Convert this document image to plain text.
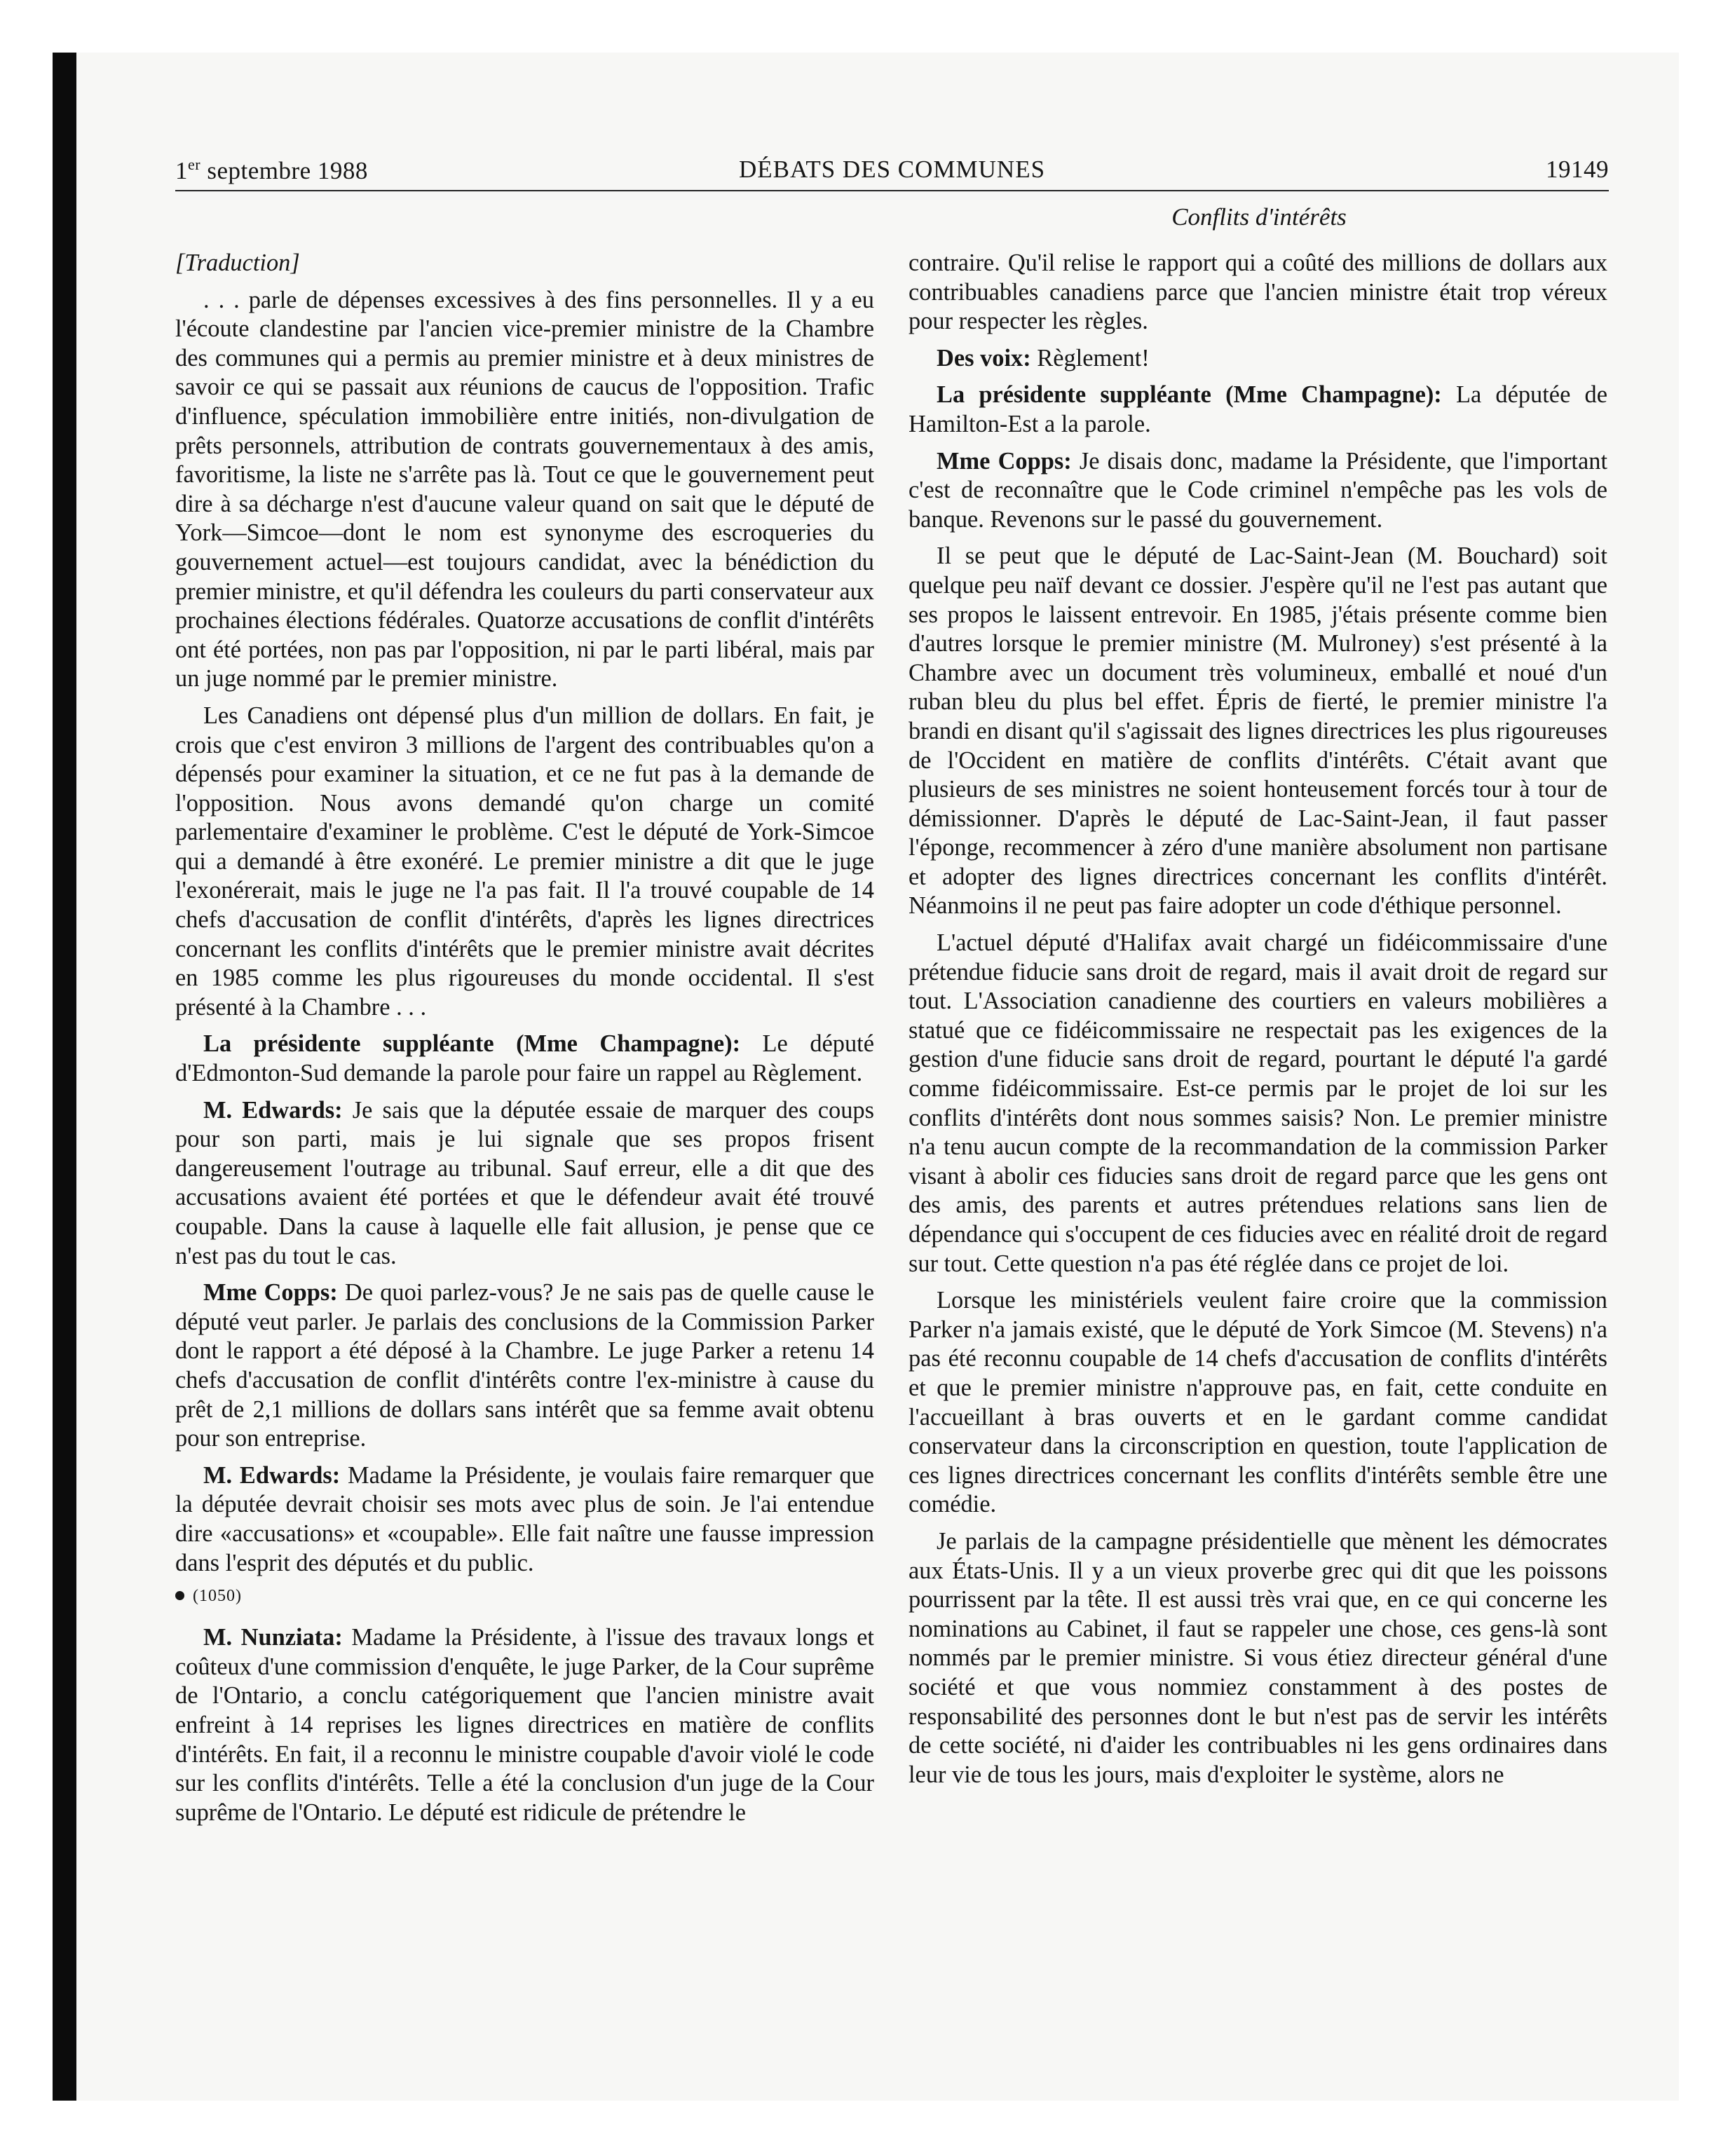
1er septembre 1988	DÉBATS DES COMMUNES	19149
Conflits d'intérêts

[Traduction]

. . . parle de dépenses excessives à des fins personnelles. Il y a eu l'écoute clandestine par l'ancien vice-premier ministre de la Chambre des communes qui a permis au premier ministre et à deux ministres de savoir ce qui se passait aux réunions de caucus de l'opposition. Trafic d'influence, spéculation immobilière entre initiés, non-divulgation de prêts personnels, attribution de contrats gouvernementaux à des amis, favoritisme, la liste ne s'arrête pas là. Tout ce que le gouvernement peut dire à sa décharge n'est d'aucune valeur quand on sait que le député de York—Simcoe—dont le nom est synonyme des escroqueries du gouvernement actuel—est toujours candidat, avec la bénédiction du premier ministre, et qu'il défendra les couleurs du parti conservateur aux prochaines élections fédérales. Quatorze accusations de conflit d'intérêts ont été portées, non pas par l'opposition, ni par le parti libéral, mais par un juge nommé par le premier ministre.

Les Canadiens ont dépensé plus d'un million de dollars. En fait, je crois que c'est environ 3 millions de l'argent des contribuables qu'on a dépensés pour examiner la situation, et ce ne fut pas à la demande de l'opposition. Nous avons demandé qu'on charge un comité parlementaire d'examiner le problème. C'est le député de York-Simcoe qui a demandé à être exonéré. Le premier ministre a dit que le juge l'exonérerait, mais le juge ne l'a pas fait. Il l'a trouvé coupable de 14 chefs d'accusation de conflit d'intérêts, d'après les lignes directrices concernant les conflits d'intérêts que le premier ministre avait décrites en 1985 comme les plus rigoureuses du monde occidental. Il s'est présenté à la Chambre . . .

La présidente suppléante (Mme Champagne): Le député d'Edmonton-Sud demande la parole pour faire un rappel au Règlement.

M. Edwards: Je sais que la députée essaie de marquer des coups pour son parti, mais je lui signale que ses propos frisent dangereusement l'outrage au tribunal. Sauf erreur, elle a dit que des accusations avaient été portées et que le défendeur avait été trouvé coupable. Dans la cause à laquelle elle fait allusion, je pense que ce n'est pas du tout le cas.

Mme Copps: De quoi parlez-vous? Je ne sais pas de quelle cause le député veut parler. Je parlais des conclusions de la Commission Parker dont le rapport a été déposé à la Chambre. Le juge Parker a retenu 14 chefs d'accusation de conflit d'intérêts contre l'ex-ministre à cause du prêt de 2,1 millions de dollars sans intérêt que sa femme avait obtenu pour son entreprise.

M. Edwards: Madame la Présidente, je voulais faire remarquer que la députée devrait choisir ses mots avec plus de soin. Je l'ai entendue dire «accusations» et «coupable». Elle fait naître une fausse impression dans l'esprit des députés et du public.

(1050)

M. Nunziata: Madame la Présidente, à l'issue des travaux longs et coûteux d'une commission d'enquête, le juge Parker, de la Cour suprême de l'Ontario, a conclu catégoriquement que l'ancien ministre avait enfreint à 14 reprises les lignes directrices en matière de conflits d'intérêts. En fait, il a reconnu le ministre coupable d'avoir violé le code sur les conflits d'intérêts. Telle a été la conclusion d'un juge de la Cour suprême de l'Ontario. Le député est ridicule de prétendre le

contraire. Qu'il relise le rapport qui a coûté des millions de dollars aux contribuables canadiens parce que l'ancien ministre était trop véreux pour respecter les règles.

Des voix: Règlement!

La présidente suppléante (Mme Champagne): La députée de Hamilton-Est a la parole.

Mme Copps: Je disais donc, madame la Présidente, que l'important c'est de reconnaître que le Code criminel n'empêche pas les vols de banque. Revenons sur le passé du gouvernement.

Il se peut que le député de Lac-Saint-Jean (M. Bouchard) soit quelque peu naïf devant ce dossier. J'espère qu'il ne l'est pas autant que ses propos le laissent entrevoir. En 1985, j'étais présente comme bien d'autres lorsque le premier ministre (M. Mulroney) s'est présenté à la Chambre avec un document très volumineux, emballé et noué d'un ruban bleu du plus bel effet. Épris de fierté, le premier ministre l'a brandi en disant qu'il s'agissait des lignes directrices les plus rigoureuses de l'Occident en matière de conflits d'intérêts. C'était avant que plusieurs de ses ministres ne soient honteusement forcés tour à tour de démissionner. D'après le député de Lac-Saint-Jean, il faut passer l'éponge, recommencer à zéro d'une manière absolument non partisane et adopter des lignes directrices concernant les conflits d'intérêt. Néanmoins il ne peut pas faire adopter un code d'éthique personnel.

L'actuel député d'Halifax avait chargé un fidéicommissaire d'une prétendue fiducie sans droit de regard, mais il avait droit de regard sur tout. L'Association canadienne des courtiers en valeurs mobilières a statué que ce fidéicommissaire ne respectait pas les exigences de la gestion d'une fiducie sans droit de regard, pourtant le député l'a gardé comme fidéicommissaire. Est-ce permis par le projet de loi sur les conflits d'intérêts dont nous sommes saisis? Non. Le premier ministre n'a tenu aucun compte de la recommandation de la commission Parker visant à abolir ces fiducies sans droit de regard parce que les gens ont des amis, des parents et autres prétendues relations sans lien de dépendance qui s'occupent de ces fiducies avec en réalité droit de regard sur tout. Cette question n'a pas été réglée dans ce projet de loi.

Lorsque les ministériels veulent faire croire que la commission Parker n'a jamais existé, que le député de York Simcoe (M. Stevens) n'a pas été reconnu coupable de 14 chefs d'accusation de conflits d'intérêts et que le premier ministre n'approuve pas, en fait, cette conduite en l'accueillant à bras ouverts et en le gardant comme candidat conservateur dans la circonscription en question, toute l'application de ces lignes directrices concernant les conflits d'intérêts semble être une comédie.

Je parlais de la campagne présidentielle que mènent les démocrates aux États-Unis. Il y a un vieux proverbe grec qui dit que les poissons pourrissent par la tête. Il est aussi très vrai que, en ce qui concerne les nominations au Cabinet, il faut se rappeler une chose, ces gens-là sont nommés par le premier ministre. Si vous étiez directeur général d'une société et que vous nommiez constamment à des postes de responsabilité des personnes dont le but n'est pas de servir les intérêts de cette société, ni d'aider les contribuables ni les gens ordinaires dans leur vie de tous les jours, mais d'exploiter le système, alors ne
